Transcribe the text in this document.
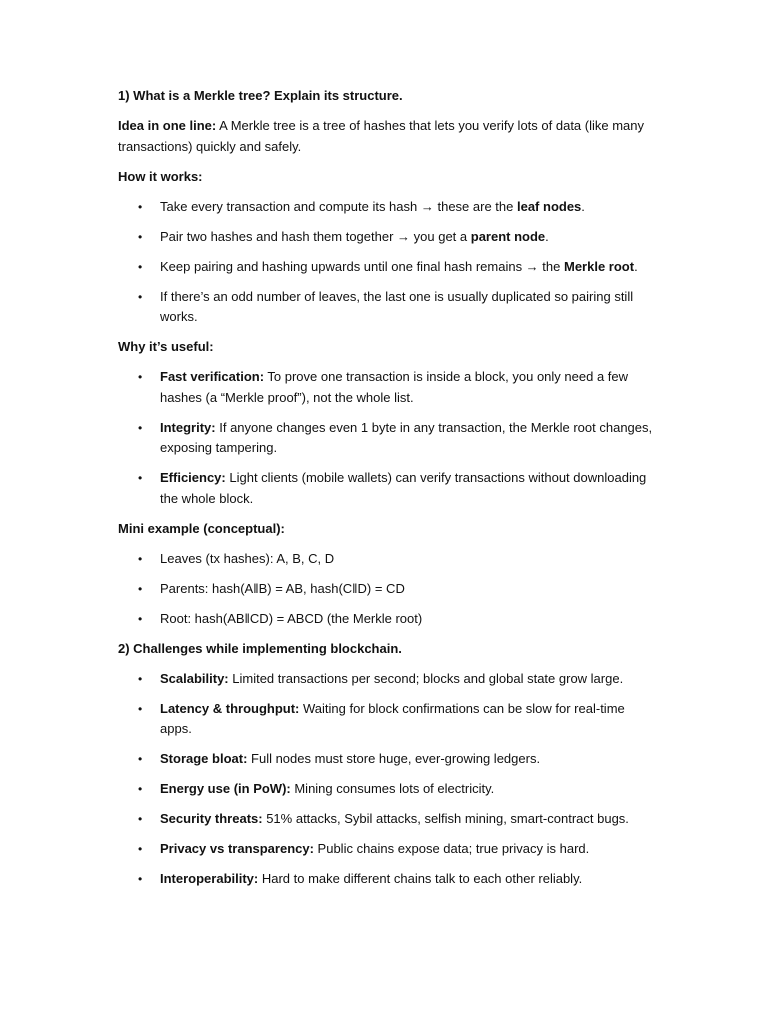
1) What is a Merkle tree? Explain its structure.

Idea in one line: A Merkle tree is a tree of hashes that lets you verify lots of data (like many transactions) quickly and safely.

How it works:

• Take every transaction and compute its hash → these are the leaf nodes.
• Pair two hashes and hash them together → you get a parent node.
• Keep pairing and hashing upwards until one final hash remains → the Merkle root.
• If there’s an odd number of leaves, the last one is usually duplicated so pairing still works.

Why it’s useful:

• Fast verification: To prove one transaction is inside a block, you only need a few hashes (a “Merkle proof”), not the whole list.
• Integrity: If anyone changes even 1 byte in any transaction, the Merkle root changes, exposing tampering.
• Efficiency: Light clients (mobile wallets) can verify transactions without downloading the whole block.

Mini example (conceptual):

• Leaves (tx hashes): A, B, C, D
• Parents: hash(A‖B) = AB, hash(C‖D) = CD
• Root: hash(AB‖CD) = ABCD (the Merkle root)

2) Challenges while implementing blockchain.

• Scalability: Limited transactions per second; blocks and global state grow large.
• Latency & throughput: Waiting for block confirmations can be slow for real-time apps.
• Storage bloat: Full nodes must store huge, ever-growing ledgers.
• Energy use (in PoW): Mining consumes lots of electricity.
• Security threats: 51% attacks, Sybil attacks, selfish mining, smart-contract bugs.
• Privacy vs transparency: Public chains expose data; true privacy is hard.
• Interoperability: Hard to make different chains talk to each other reliably.
